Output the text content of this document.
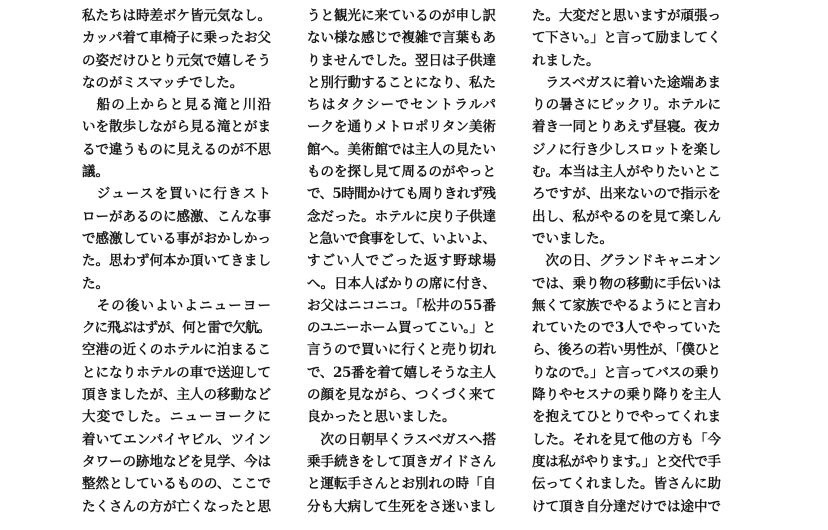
私たちは時差ボケ皆元気なし。
カッパ着て車椅子に乗ったお父
の姿だけひとり元気で嬉しそう
なのがミスマッチでした。
　船の上からと見る滝と川沿
いを散歩しながら見る滝とがま
るで違うものに見えるのが不思
議。
　ジュースを買いに行きスト
ローがあるのに感激、こんな事
で感激している事がおかしかっ
た。思わず何本か頂いてきまし
た。
　その後いよいよニューヨー
クに飛ぶはずが、何と雷で欠航。
空港の近くのホテルに泊まるこ
とになりホテルの車で送迎して
頂きましたが、主人の移動など
大変でした。ニューヨークに
着いてエンパイヤビル、ツイン
タワーの跡地などを見学、今は
整然としているものの、ここで
たくさんの方が亡くなったと思
うと観光に来ているのが申し訳
ない様な感じで複雑で言葉もあ
りませんでした。翌日は子供達
と別行動することになり、私た
ちはタクシーでセントラルパ
ークを通りメトロポリタン美術
館へ。美術館では主人の見たい
ものを探し見て周るのがやっと
で、5時間かけても周りきれず残
念だった。ホテルに戻り子供達
と急いで食事をして、いよいよ、
すごい人でごった返す野球場
へ。日本人ばかりの席に付き、
お父はニコニコ。「松井の55番
のユニーホーム買ってこい。」と
言うので買いに行くと売り切れ
で、25番を着て嬉しそうな主人
の顔を見ながら、つくづく来て
良かったと思いました。
　次の日朝早くラスベガスへ搭
乗手続きをして頂きガイドさん
と運転手さんとお別れの時「自
分も大病して生死をさ迷いまし
た。大変だと思いますが頑張っ
て下さい。」と言って励ましてく
れました。
　ラスベガスに着いた途端あま
りの暑さにビックリ。ホテルに
着き一同とりあえず昼寝。夜カ
ジノに行き少しスロットを楽し
む。本当は主人がやりたいとこ
ろですが、出来ないので指示を
出し、私がやるのを見て楽しん
でいました。
　次の日、グランドキャニオン
では、乗り物の移動に手伝いは
無くて家族でやるようにと言わ
れていたので3人でやっていた
ら、後ろの若い男性が、「僕ひと
りなので。」と言ってバスの乗り
降りやセスナの乗り降りを主人
を抱えてひとりでやってくれま
した。それを見て他の方も「今
度は私がやります。」と交代で手
伝ってくれました。皆さんに助
けて頂き自分達だけでは途中で
